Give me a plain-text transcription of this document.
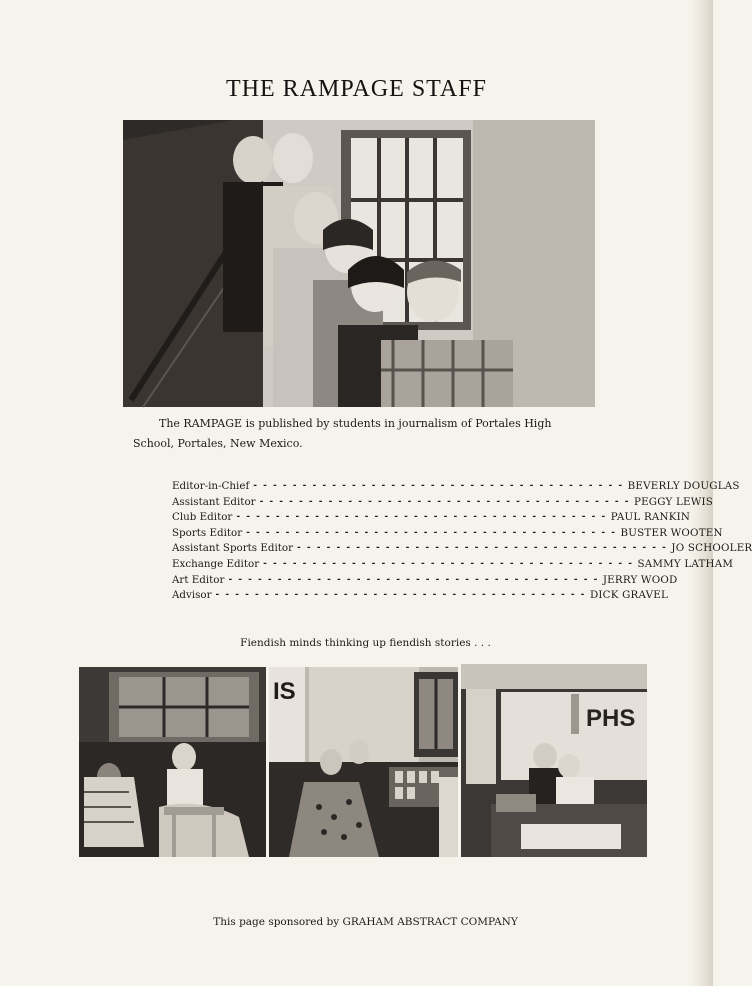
THE RAMPAGE STAFF
The RAMPAGE is published by students in journalism of Portales High School, Portales, New Mexico.
Editor-in-Chief - - - - - - - - - - - - - - - - - - - - - - - - - - - - - - - - - - - - - - BEVERLY DOUGLAS
Assistant Editor - - - - - - - - - - - - - - - - - - - - - - - - - - - - - - - - - - - - - - PEGGY LEWIS
Club Editor - - - - - - - - - - - - - - - - - - - - - - - - - - - - - - - - - - - - - - PAUL RANKIN
Sports Editor - - - - - - - - - - - - - - - - - - - - - - - - - - - - - - - - - - - - - - BUSTER WOOTEN
Assistant Sports Editor - - - - - - - - - - - - - - - - - - - - - - - - - - - - - - - - - - - - - - JO SCHOOLER
Exchange Editor - - - - - - - - - - - - - - - - - - - - - - - - - - - - - - - - - - - - - - SAMMY LATHAM
Art Editor - - - - - - - - - - - - - - - - - - - - - - - - - - - - - - - - - - - - - - JERRY WOOD
Advisor - - - - - - - - - - - - - - - - - - - - - - - - - - - - - - - - - - - - - - DICK GRAVEL
Fiendish minds thinking up fiendish stories . . .
IS
PHS
This page sponsored by GRAHAM ABSTRACT COMPANY
